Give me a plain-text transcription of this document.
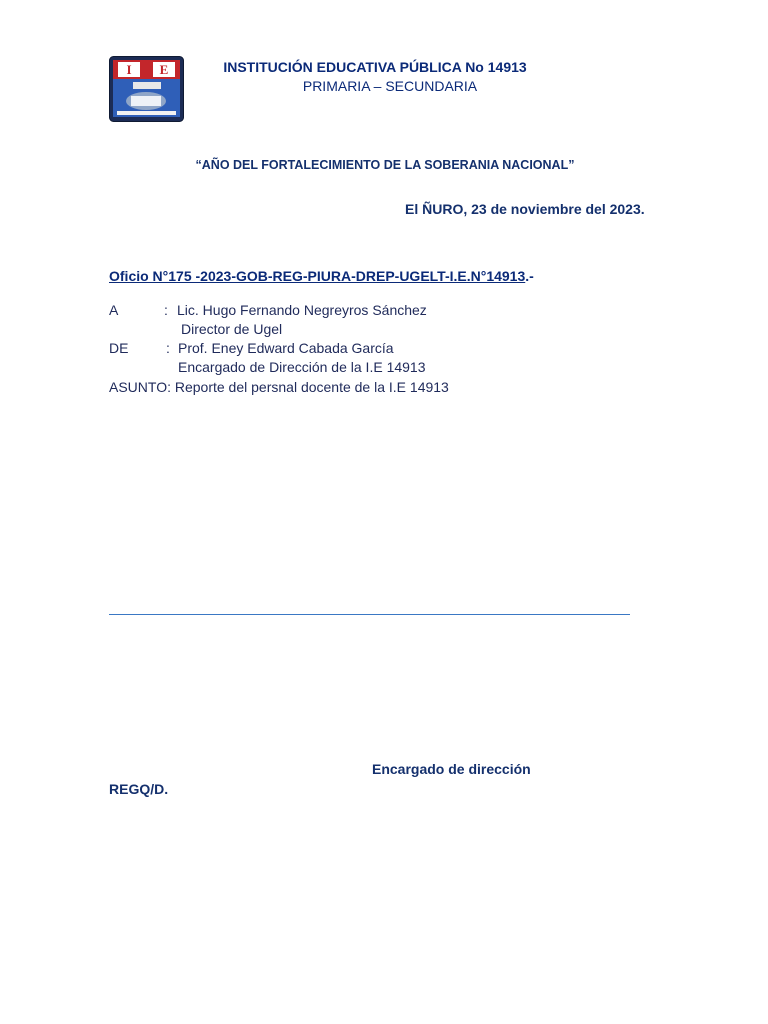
I E	INSTITUCIÓN EDUCATIVA PÚBLICA No 14913
PRIMARIA – SECUNDARIA
“AÑO DEL FORTALECIMIENTO DE LA SOBERANIA NACIONAL”
El ÑURO, 23 de noviembre del 2023.
Oficio N°175 -2023-GOB-REG-PIURA-DREP-UGELT-I.E.N°14913.-
A	: Lic. Hugo Fernando Negreyros Sánchez
Director de Ugel
DE	: Prof. Eney Edward Cabada García
Encargado de Dirección de la I.E 14913
ASUNTO: Reporte del persnal docente de la I.E 14913
Encargado de dirección
REGQ/D.
